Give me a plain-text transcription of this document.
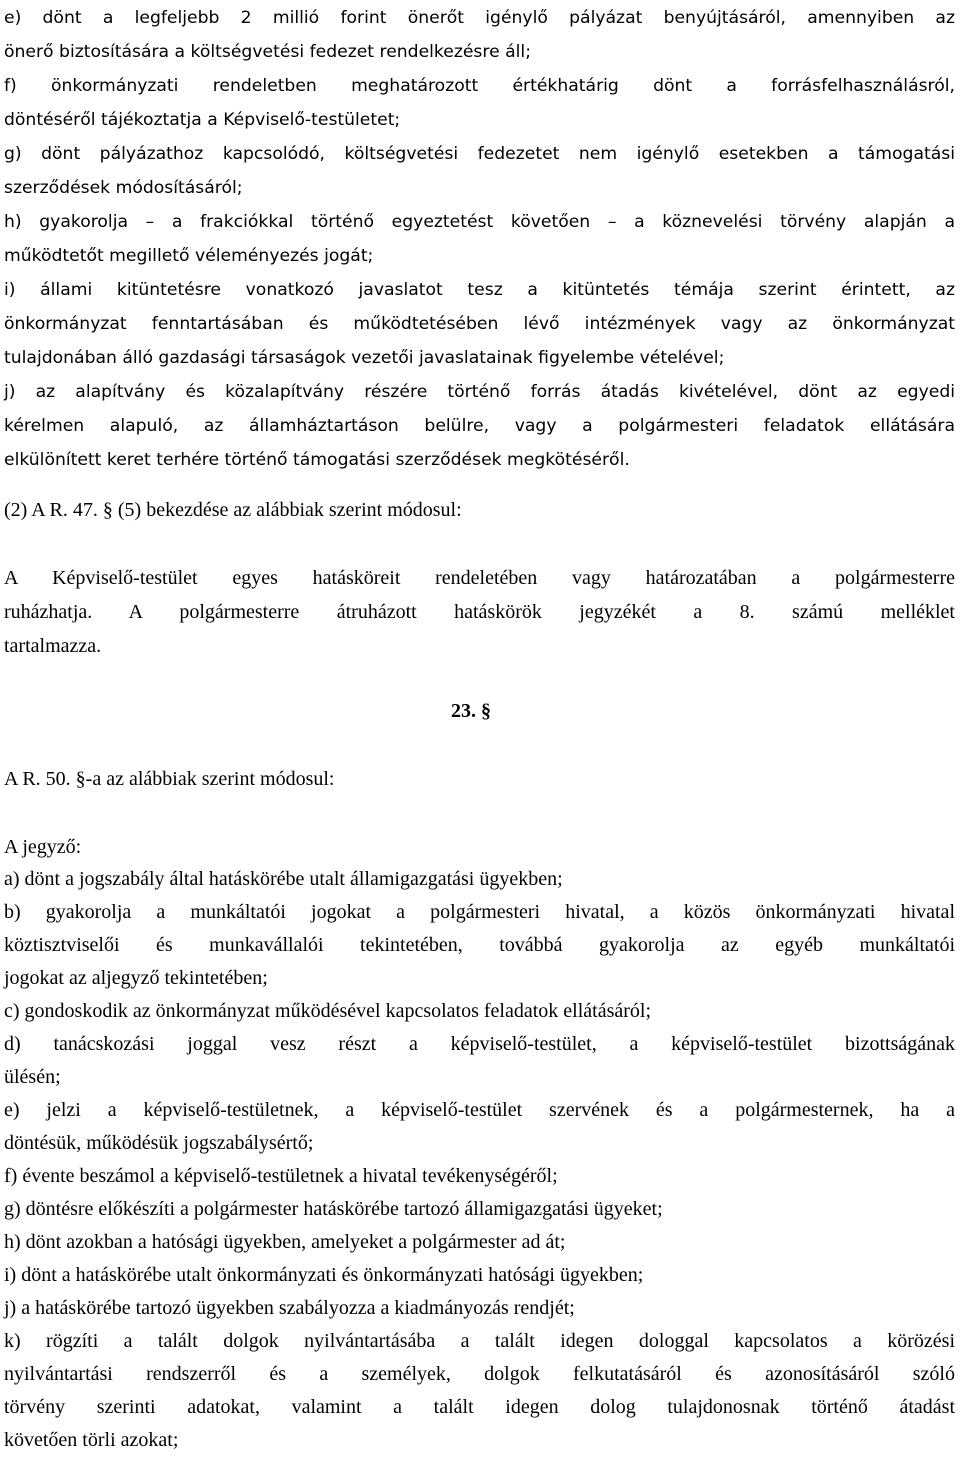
e) dönt a legfeljebb 2 millió forint önerőt igénylő pályázat benyújtásáról, amennyiben az
önerő biztosítására a költségvetési fedezet rendelkezésre áll;
f) önkormányzati rendeletben meghatározott értékhatárig dönt a forrásfelhasználásról,
döntéséről tájékoztatja a Képviselő-testületet;
g) dönt pályázathoz kapcsolódó, költségvetési fedezetet nem igénylő esetekben a támogatási
szerződések módosításáról;
h) gyakorolja – a frakciókkal történő egyeztetést követően – a köznevelési törvény alapján a
működtetőt megillető véleményezés jogát;
i) állami kitüntetésre vonatkozó javaslatot tesz a kitüntetés témája szerint érintett, az
önkormányzat fenntartásában és működtetésében lévő intézmények vagy az önkormányzat
tulajdonában álló gazdasági társaságok vezetői javaslatainak figyelembe vételével;
j) az alapítvány és közalapítvány részére történő forrás átadás kivételével, dönt az egyedi
kérelmen alapuló, az államháztartáson belülre, vagy a polgármesteri feladatok ellátására
elkülönített keret terhére történő támogatási szerződések megkötéséről.
(2) A R. 47. § (5) bekezdése az alábbiak szerint módosul:
A Képviselő-testület egyes hatásköreit rendeletében vagy határozatában a polgármesterre
ruházhatja. A polgármesterre átruházott hatáskörök jegyzékét a 8. számú melléklet
tartalmazza.
23. §
A R. 50. §-a az alábbiak szerint módosul:
A jegyző:
a) dönt a jogszabály által hatáskörébe utalt államigazgatási ügyekben;
b) gyakorolja a munkáltatói jogokat a polgármesteri hivatal, a közös önkormányzati hivatal
köztisztviselői és munkavállalói tekintetében, továbbá gyakorolja az egyéb munkáltatói
jogokat az aljegyző tekintetében;
c) gondoskodik az önkormányzat működésével kapcsolatos feladatok ellátásáról;
d) tanácskozási joggal vesz részt a képviselő-testület, a képviselő-testület bizottságának
ülésén;
e) jelzi a képviselő-testületnek, a képviselő-testület szervének és a polgármesternek, ha a
döntésük, működésük jogszabálysértő;
f) évente beszámol a képviselő-testületnek a hivatal tevékenységéről;
g) döntésre előkészíti a polgármester hatáskörébe tartozó államigazgatási ügyeket;
h) dönt azokban a hatósági ügyekben, amelyeket a polgármester ad át;
i) dönt a hatáskörébe utalt önkormányzati és önkormányzati hatósági ügyekben;
j) a hatáskörébe tartozó ügyekben szabályozza a kiadmányozás rendjét;
k) rögzíti a talált dolgok nyilvántartásába a talált idegen dologgal kapcsolatos a körözési
nyilvántartási rendszerről és a személyek, dolgok felkutatásáról és azonosításáról szóló
törvény szerinti adatokat, valamint a talált idegen dolog tulajdonosnak történő átadást
követően törli azokat;
